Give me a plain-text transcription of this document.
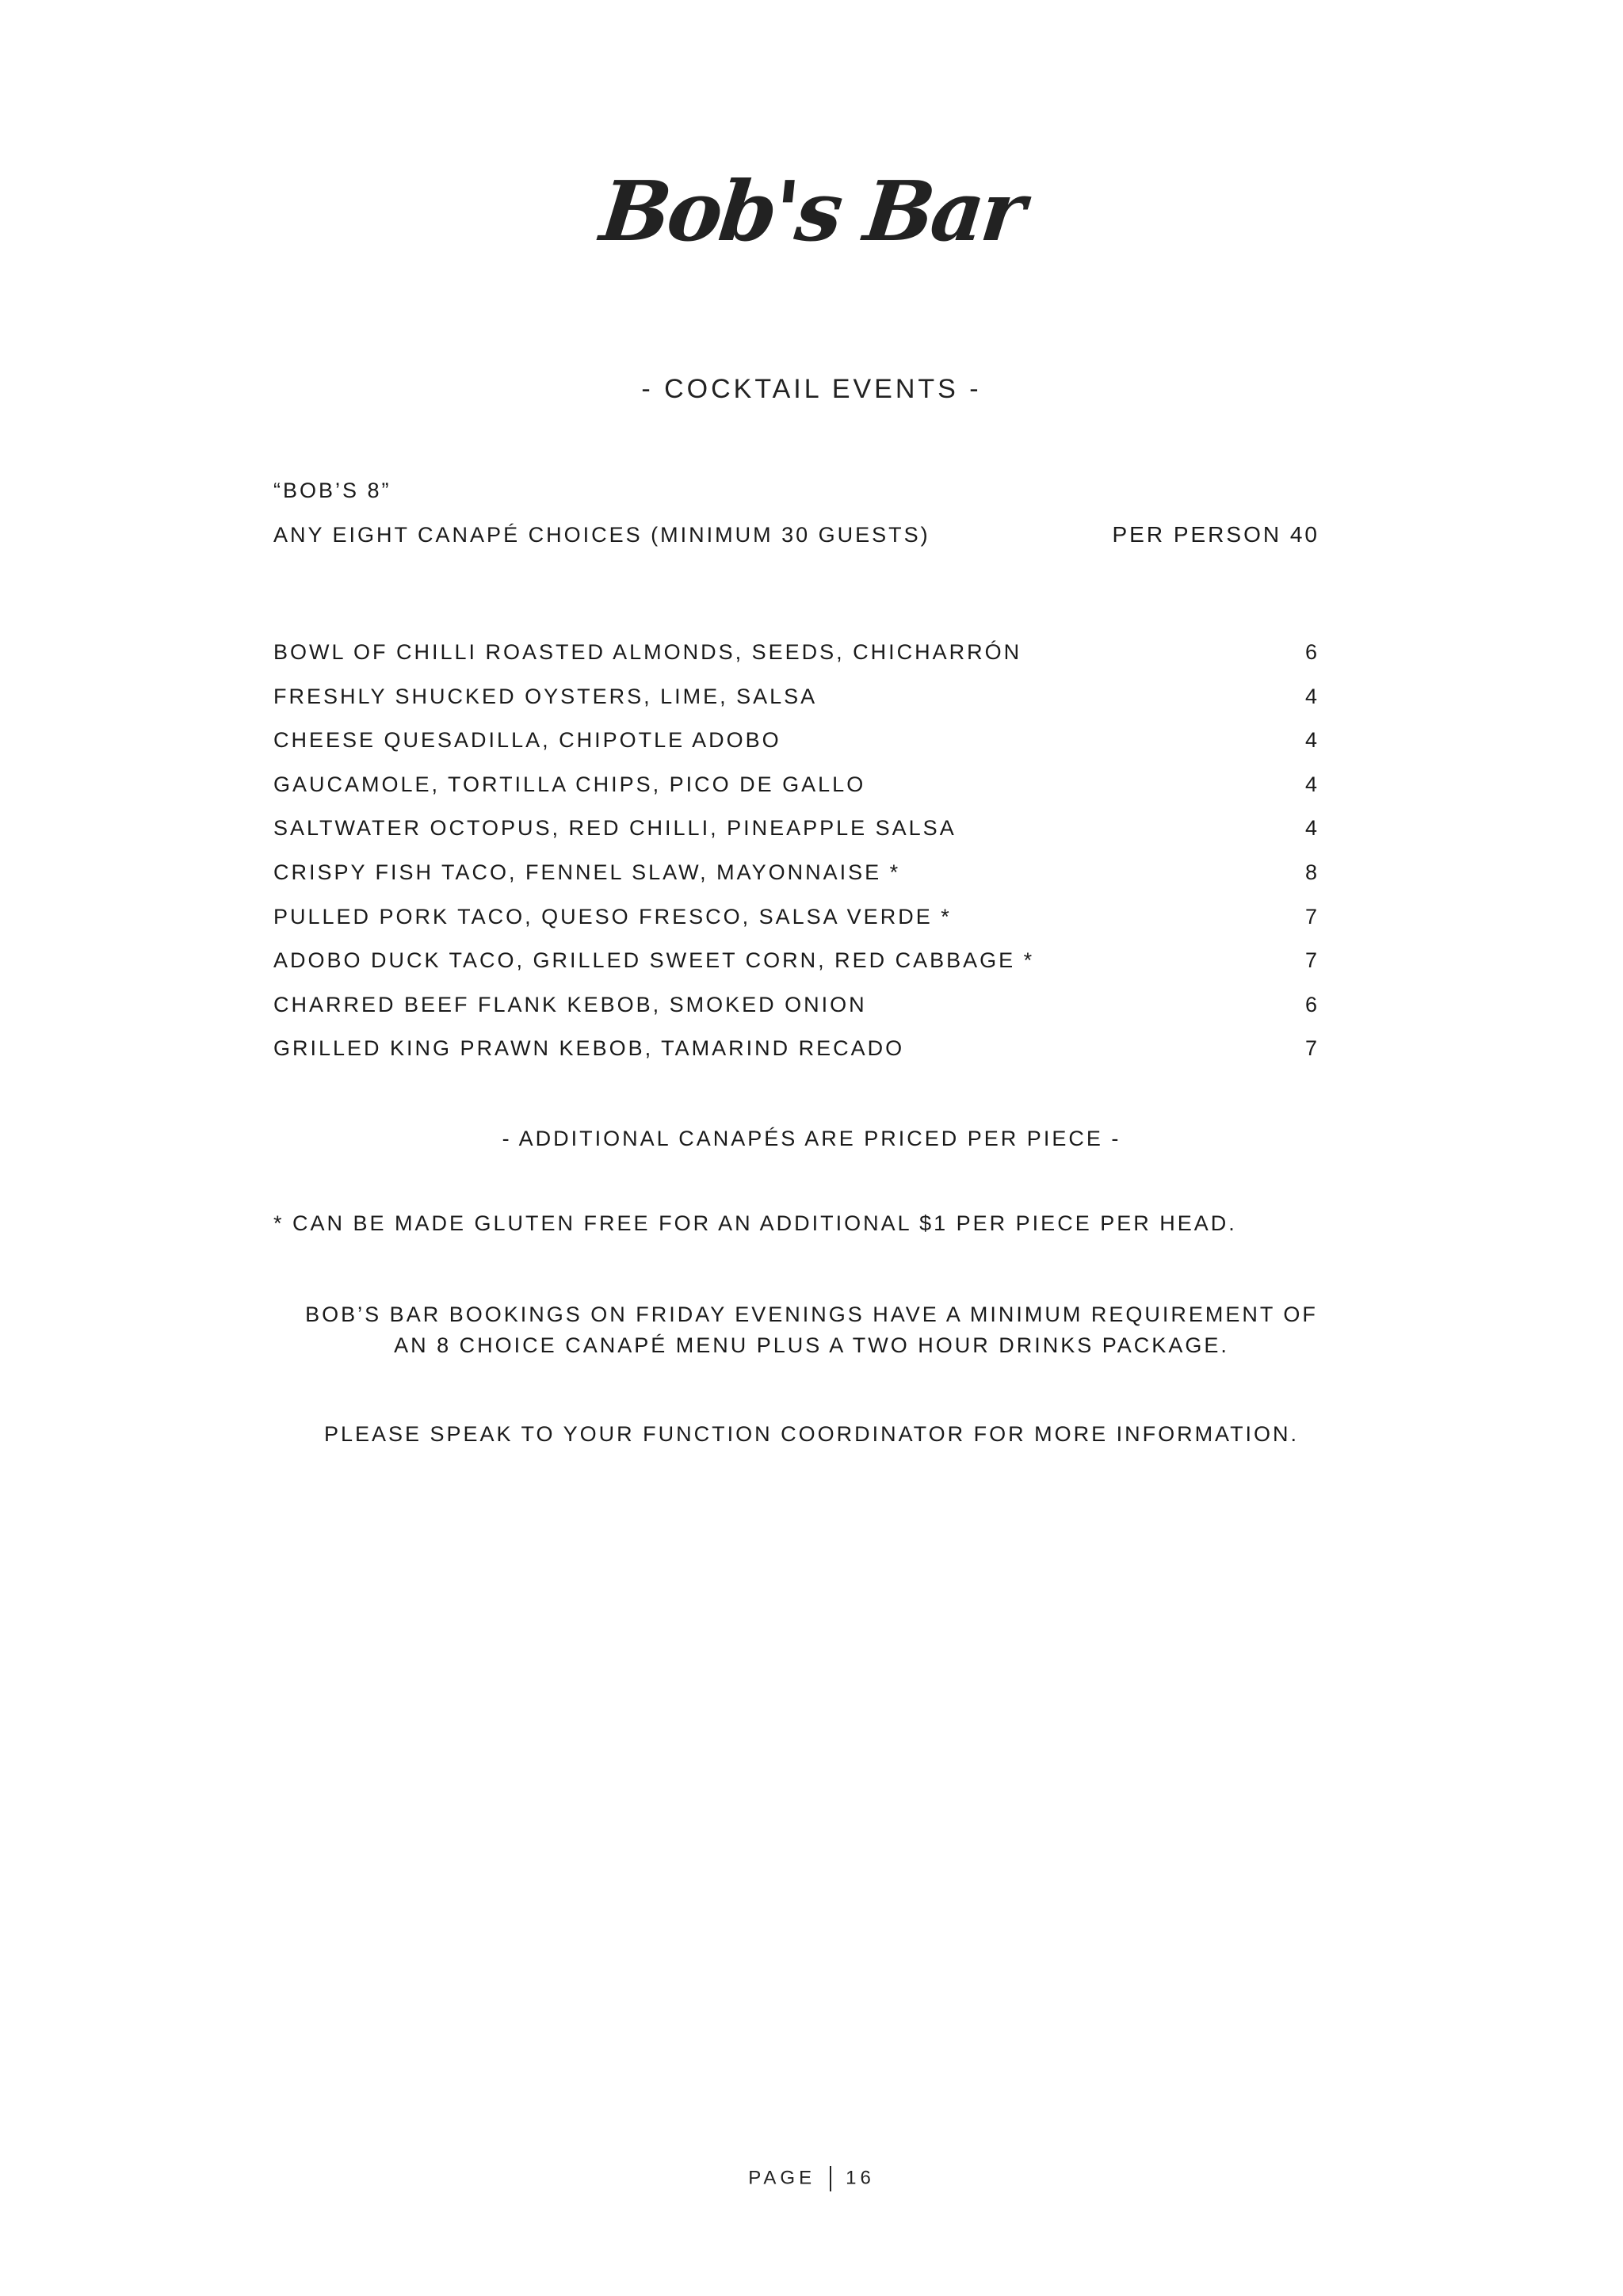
Bob's Bar
- COCKTAIL EVENTS -
“BOB’S 8”
ANY EIGHT CANAPÉ CHOICES (MINIMUM 30 GUESTS)	PER PERSON 40
BOWL OF CHILLI ROASTED ALMONDS, SEEDS, CHICHARRÓN	6
FRESHLY SHUCKED OYSTERS, LIME, SALSA	4
CHEESE QUESADILLA, CHIPOTLE ADOBO	4
GAUCAMOLE, TORTILLA CHIPS, PICO DE GALLO	4
SALTWATER OCTOPUS, RED CHILLI, PINEAPPLE SALSA	4
CRISPY FISH TACO, FENNEL SLAW, MAYONNAISE *	8
PULLED PORK TACO, QUESO FRESCO, SALSA VERDE *	7
ADOBO DUCK TACO, GRILLED SWEET CORN, RED CABBAGE *	7
CHARRED BEEF FLANK KEBOB, SMOKED ONION	6
GRILLED KING PRAWN KEBOB, TAMARIND RECADO	7
- ADDITIONAL CANAPÉS ARE PRICED PER PIECE -
* CAN BE MADE GLUTEN FREE FOR AN ADDITIONAL $1 PER PIECE PER HEAD.
BOB’S BAR BOOKINGS ON FRIDAY EVENINGS HAVE A MINIMUM REQUIREMENT OF
AN 8 CHOICE CANAPÉ MENU PLUS A TWO HOUR DRINKS PACKAGE.
PLEASE SPEAK TO YOUR FUNCTION COORDINATOR FOR MORE INFORMATION.
PAGE 16
